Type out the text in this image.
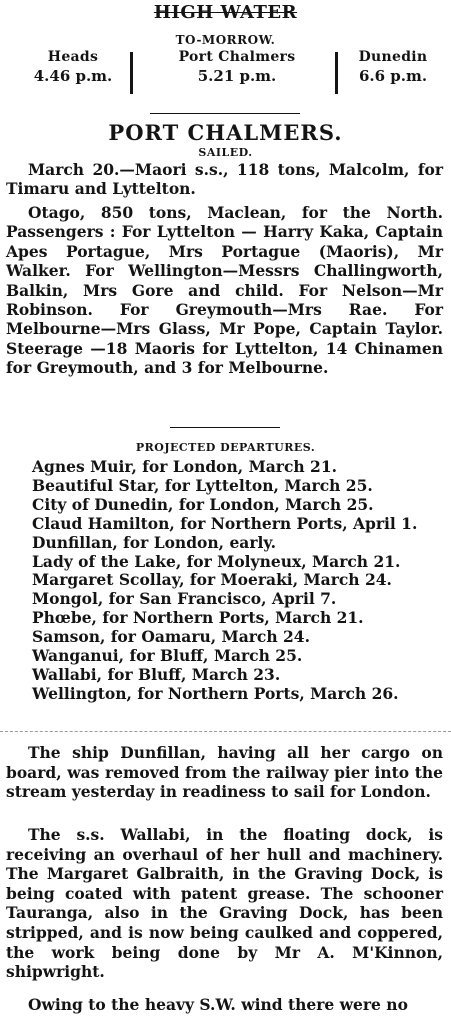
HIGH WATER
TO-MORROW.
Heads
4.46 p.m.
Port Chalmers
5.21 p.m.
Dunedin
6.6 p.m.
PORT CHALMERS.
SAILED.
March 20.—Maori s.s., 118 tons, Malcolm, for Timaru and Lyttelton.
Otago, 850 tons, Maclean, for the North. Passengers : For Lyttelton — Harry Kaka, Captain Apes Portague, Mrs Portague (Maoris), Mr Walker. For Wellington—Messrs Challingworth, Balkin, Mrs Gore and child. For Nelson—Mr Robinson. For Greymouth—Mrs Rae. For Melbourne—Mrs Glass, Mr Pope, Captain Taylor. Steerage —18 Maoris for Lyttelton, 14 Chinamen for Greymouth, and 3 for Melbourne.
PROJECTED DEPARTURES.
Agnes Muir, for London, March 21.
Beautiful Star, for Lyttelton, March 25.
City of Dunedin, for London, March 25.
Claud Hamilton, for Northern Ports, April 1.
Dunfillan, for London, early.
Lady of the Lake, for Molyneux, March 21.
Margaret Scollay, for Moeraki, March 24.
Mongol, for San Francisco, April 7.
Phœbe, for Northern Ports, March 21.
Samson, for Oamaru, March 24.
Wanganui, for Bluff, March 25.
Wallabi, for Bluff, March 23.
Wellington, for Northern Ports, March 26.
The ship Dunfillan, having all her cargo on board, was removed from the railway pier into the stream yesterday in readiness to sail for London.
The s.s. Wallabi, in the floating dock, is receiving an overhaul of her hull and machinery. The Margaret Galbraith, in the Graving Dock, is being coated with patent grease. The schooner Tauranga, also in the Graving Dock, has been stripped, and is now being caulked and coppered, the work being done by Mr A. M'Kinnon, shipwright.
Owing to the heavy S.W. wind there were no
